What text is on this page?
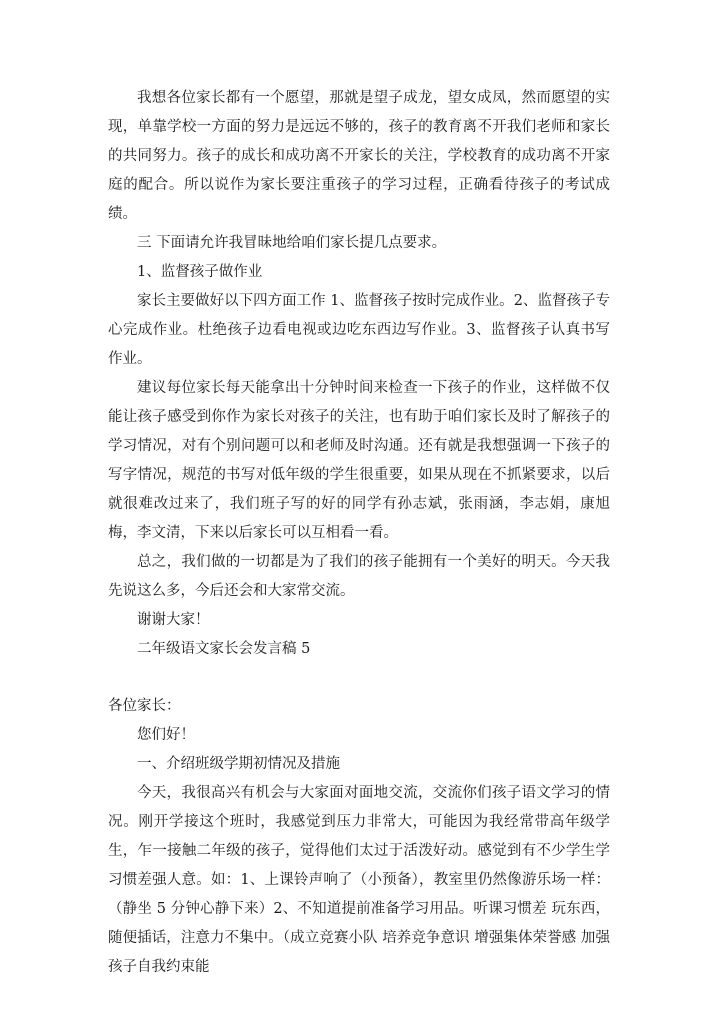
我想各位家长都有一个愿望，那就是望子成龙，望女成凤，然而愿望的实现，单靠学校一方面的努力是远远不够的，孩子的教育离不开我们老师和家长的共同努力。孩子的成长和成功离不开家长的关注，学校教育的成功离不开家庭的配合。所以说作为家长要注重孩子的学习过程，正确看待孩子的考试成绩。

三 下面请允许我冒昧地给咱们家长提几点要求。

1、监督孩子做作业

家长主要做好以下四方面工作 1、监督孩子按时完成作业。2、监督孩子专心完成作业。杜绝孩子边看电视或边吃东西边写作业。3、监督孩子认真书写作业。

建议每位家长每天能拿出十分钟时间来检查一下孩子的作业，这样做不仅能让孩子感受到你作为家长对孩子的关注，也有助于咱们家长及时了解孩子的学习情况，对有个别问题可以和老师及时沟通。还有就是我想强调一下孩子的写字情况，规范的书写对低年级的学生很重要，如果从现在不抓紧要求，以后就很难改过来了，我们班子写的好的同学有孙志斌，张雨涵，李志娟，康旭梅，李文清，下来以后家长可以互相看一看。

总之，我们做的一切都是为了我们的孩子能拥有一个美好的明天。今天我先说这么多，今后还会和大家常交流。

谢谢大家！

二年级语文家长会发言稿 5

各位家长：

您们好！

一、介绍班级学期初情况及措施

今天，我很高兴有机会与大家面对面地交流，交流你们孩子语文学习的情况。刚开学接这个班时，我感觉到压力非常大，可能因为我经常带高年级学生，乍一接触二年级的孩子，觉得他们太过于活泼好动。感觉到有不少学生学习惯差强人意。如：1、上课铃声响了（小预备），教室里仍然像游乐场一样：（静坐 5 分钟心静下来）2、不知道提前准备学习用品。听课习惯差 玩东西，随便插话，注意力不集中。（成立竞赛小队 培养竞争意识 增强集体荣誉感 加强孩子自我约束能
